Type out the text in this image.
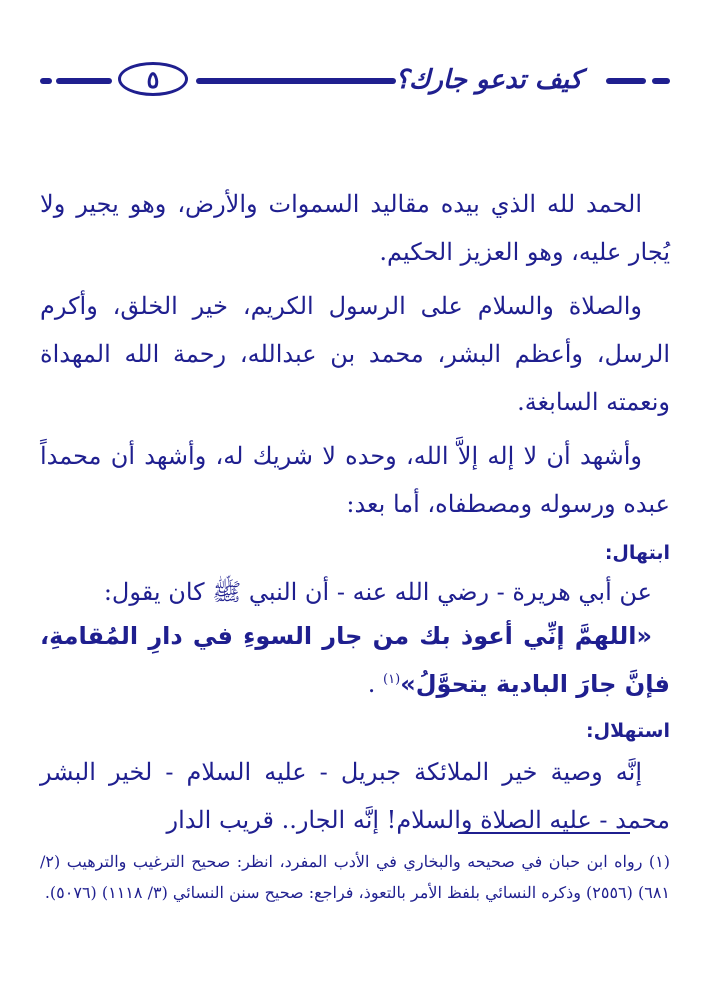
٥	كيف تدعو جارك؟

الحمد لله الذي بيده مقاليد السموات والأرض، وهو يجير ولا يُجار عليه، وهو العزيز الحكيم.

والصلاة والسلام على الرسول الكريم، خير الخلق، وأكرم الرسل، وأعظم البشر، محمد بن عبدالله، رحمة الله المهداة ونعمته السابغة.

وأشهد أن لا إله إلاَّ الله، وحده لا شريك له، وأشهد أن محمداً عبده ورسوله ومصطفاه، أما بعد:

ابتهال:

عن أبي هريرة - رضي الله عنه - أن النبي ﷺ كان يقول:

«اللهمَّ إنِّي أعوذ بك من جار السوءِ في دارِ المُقامةِ، فإنَّ جارَ البادية يتحوَّلُ»$^{(١)}$ .

استهلال:

إنَّه وصية خير الملائكة جبريل - عليه السلام - لخير البشر محمد - عليه الصلاة والسلام! إنَّه الجار.. قريب الدار

(١) رواه ابن حبان في صحيحه والبخاري في الأدب المفرد، انظر: صحيح الترغيب والترهيب (٢/ ٦٨١) (٢٥٥٦) وذكره النسائي بلفظ الأمر بالتعوذ، فراجع: صحيح سنن النسائي (٣/ ١١١٨) (٥٠٧٦).
